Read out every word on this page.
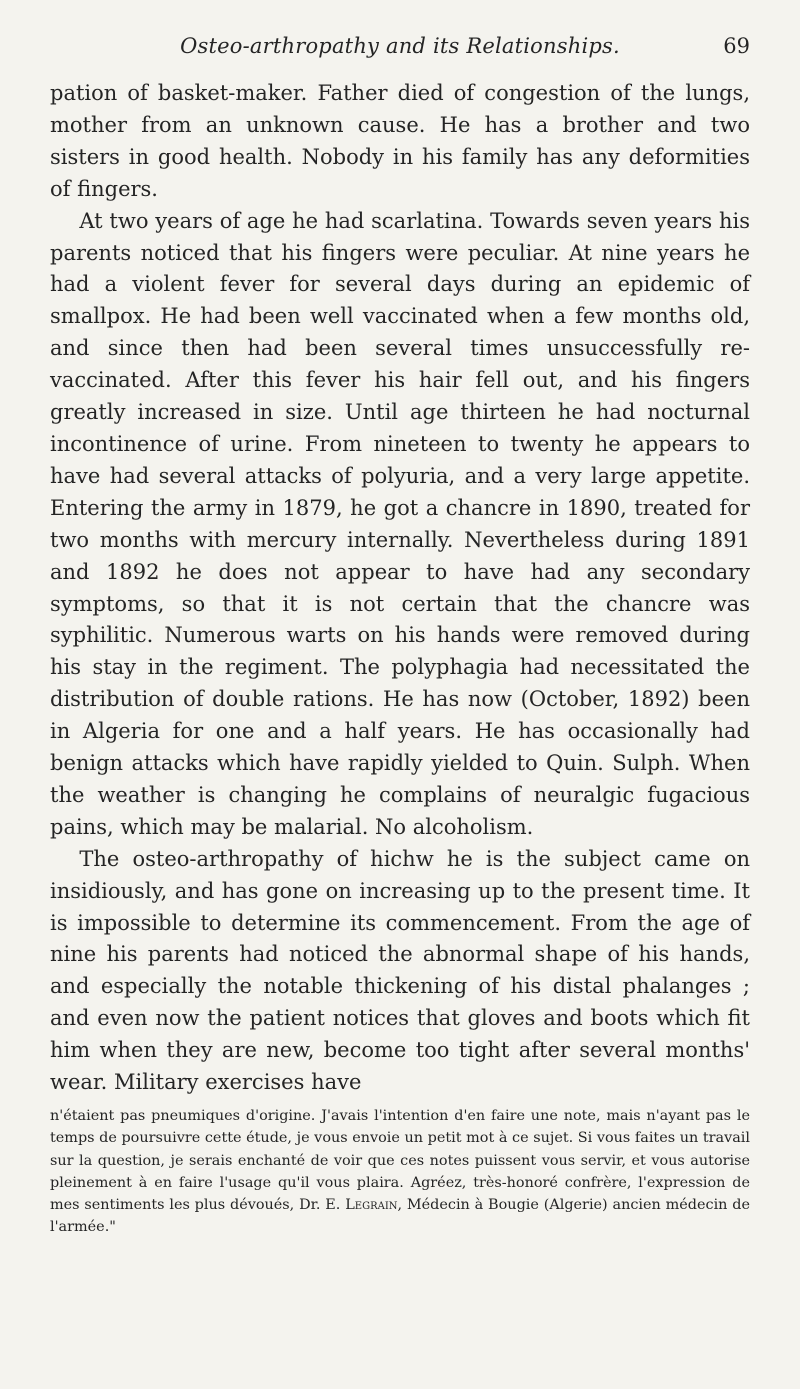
Osteo-arthropathy and its Relationships.	69

pation of basket-maker. Father died of congestion of the lungs, mother from an unknown cause. He has a brother and two sisters in good health. Nobody in his family has any deformities of fingers.

At two years of age he had scarlatina. Towards seven years his parents noticed that his fingers were peculiar. At nine years he had a violent fever for several days during an epidemic of smallpox. He had been well vaccinated when a few months old, and since then had been several times unsuccessfully re-vaccinated. After this fever his hair fell out, and his fingers greatly increased in size. Until age thirteen he had nocturnal incontinence of urine. From nineteen to twenty he appears to have had several attacks of polyuria, and a very large appetite. Entering the army in 1879, he got a chancre in 1890, treated for two months with mercury internally. Nevertheless during 1891 and 1892 he does not appear to have had any secondary symptoms, so that it is not certain that the chancre was syphilitic. Numerous warts on his hands were removed during his stay in the regiment. The polyphagia had necessitated the distribution of double rations. He has now (October, 1892) been in Algeria for one and a half years. He has occasionally had benign attacks which have rapidly yielded to Quin. Sulph. When the weather is changing he complains of neuralgic fugacious pains, which may be malarial. No alcoholism.

The osteo-arthropathy of hichw he is the subject came on insidiously, and has gone on increasing up to the present time. It is impossible to determine its commencement. From the age of nine his parents had noticed the abnormal shape of his hands, and especially the notable thickening of his distal phalanges ; and even now the patient notices that gloves and boots which fit him when they are new, become too tight after several months' wear. Military exercises have

n'étaient pas pneumiques d'origine. J'avais l'intention d'en faire une note, mais n'ayant pas le temps de poursuivre cette étude, je vous envoie un petit mot à ce sujet. Si vous faites un travail sur la question, je serais enchanté de voir que ces notes puissent vous servir, et vous autorise pleinement à en faire l'usage qu'il vous plaira. Agréez, très-honoré confrère, l'expression de mes sentiments les plus dévoués, Dr. E. Legrain, Médecin à Bougie (Algerie) ancien médecin de l'armée."
